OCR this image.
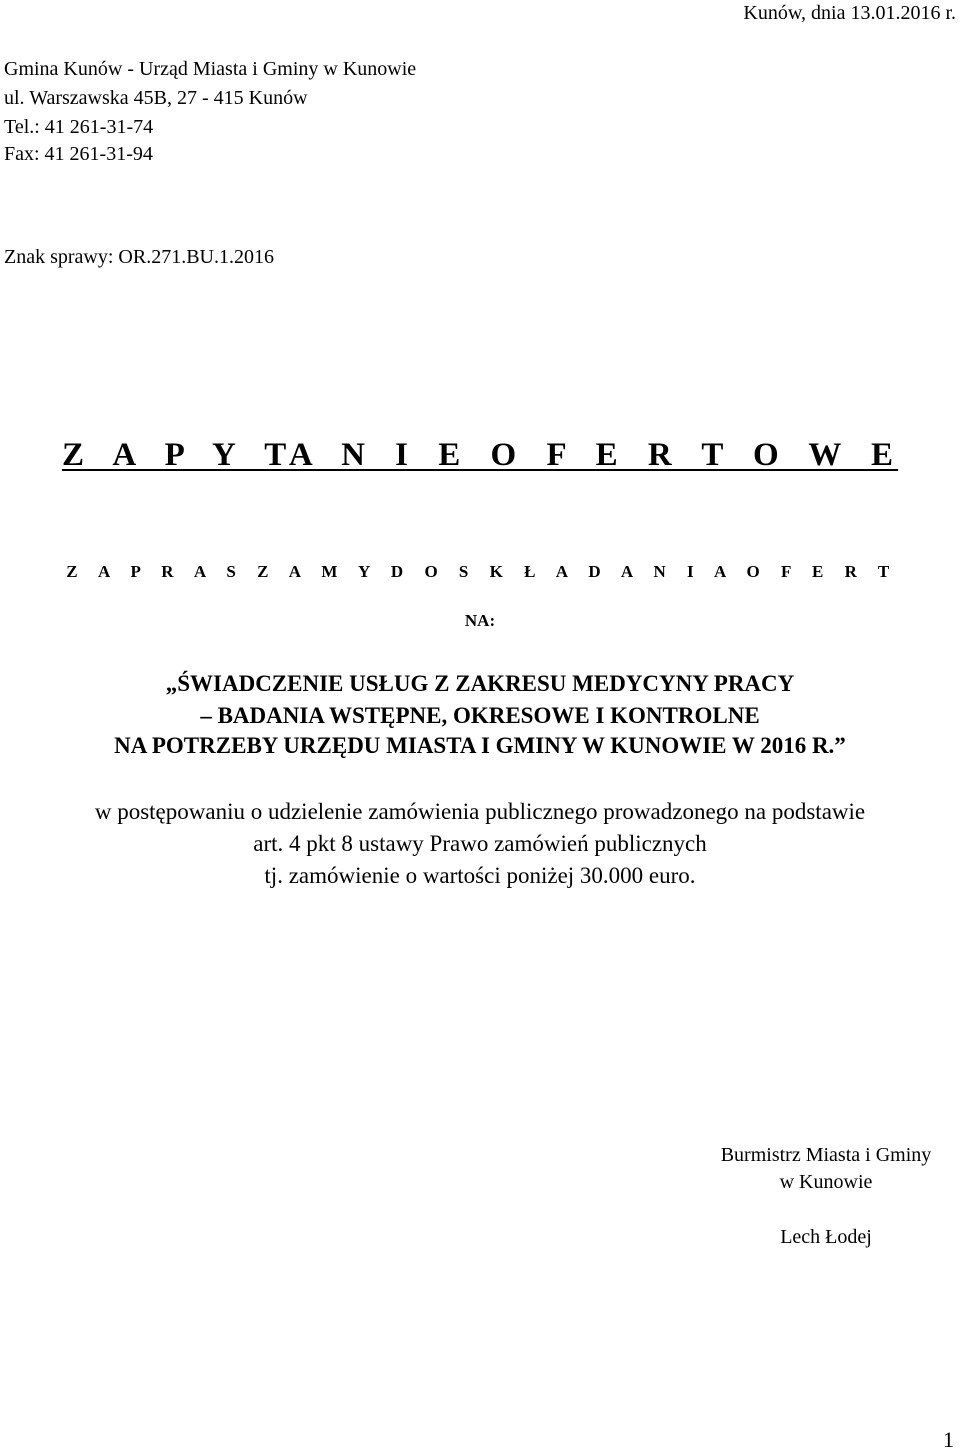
Kunów, dnia 13.01.2016 r.
Gmina Kunów - Urząd Miasta i Gminy w Kunowie
ul. Warszawska 45B, 27 - 415 Kunów
Tel.: 41 261-31-74
Fax: 41 261-31-94
Znak sprawy: OR.271.BU.1.2016
Z A P Y TA N I E O F E R T O W E
Z A P R A S Z A M Y D O S K Ł A D A N I A O F E R T
NA:
„ŚWIADCZENIE USŁUG Z ZAKRESU MEDYCYNY PRACY
– BADANIA WSTĘPNE, OKRESOWE I KONTROLNE
NA POTRZEBY URZĘDU MIASTA I GMINY W KUNOWIE W 2016 R.”
w postępowaniu o udzielenie zamówienia publicznego prowadzonego na podstawie
art. 4 pkt 8 ustawy Prawo zamówień publicznych
tj. zamówienie o wartości poniżej 30.000 euro.
Burmistrz Miasta i Gminy
w Kunowie
Lech Łodej
1
